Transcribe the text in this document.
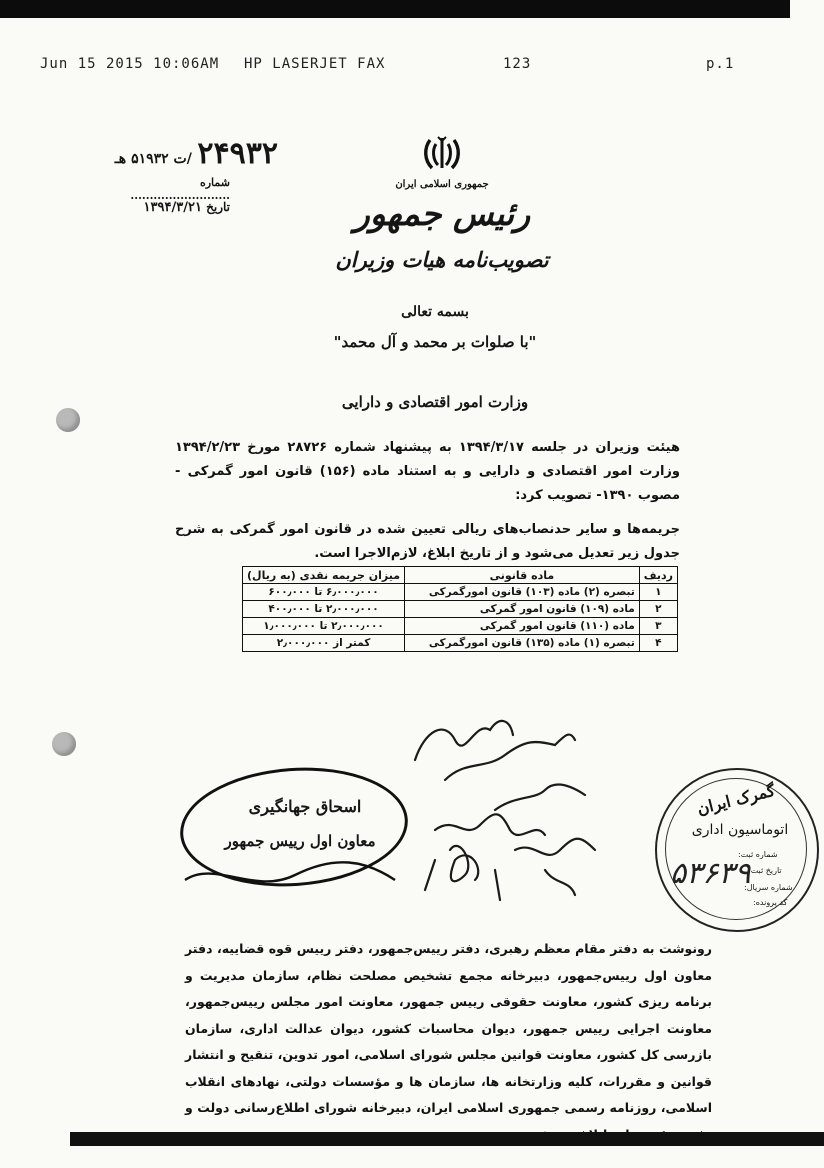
Jun 15 2015 10:06AM HP LASERJET FAX	123	p.1
۲۴۹۳۲ /ت ۵۱۹۳۲ هـ
شماره ..........................
تاریخ ۱۳۹۴/۳/۲۱
جمهوری اسلامی ایران
رئیس جمهور
تصویب‌نامه هیات وزیران
بسمه تعالی
"با صلوات بر محمد و آل محمد"
وزارت امور اقتصادی و دارایی
هیئت وزیران در جلسه ۱۳۹۴/۳/۱۷ به پیشنهاد شماره ۲۸۷۲۶ مورخ ۱۳۹۴/۲/۲۳ وزارت امور اقتصادی و دارایی و به استناد ماده (۱۵۶) قانون امور گمرکی - مصوب ۱۳۹۰- تصویب کرد:
جریمه‌ها و سایر حدنصاب‌های ریالی تعیین شده در قانون امور گمرکی به شرح جدول زیر تعدیل می‌شود و از تاریخ ابلاغ، لازم‌الاجرا است.
ردیف	ماده قانونی	میزان جریمه نقدی (به ریال)
۱	تبصره (۲) ماده (۱۰۳) قانون امورگمرکی	۶٫۰۰۰٫۰۰۰ تا ۶۰۰٫۰۰۰
۲	ماده (۱۰۹) قانون امور گمرکی	۲٫۰۰۰٫۰۰۰ تا ۴۰۰٫۰۰۰
۳	ماده (۱۱۰) قانون امور گمرکی	۲٫۰۰۰٫۰۰۰ تا ۱٫۰۰۰٫۰۰۰
۴	تبصره (۱) ماده (۱۳۵) قانون امورگمرکی	کمتر از ۲٫۰۰۰٫۰۰۰
اسحاق جهانگیری
معاون اول رییس جمهور
گمرک ایران
اتوماسیون اداری
شماره ثبت:
تاریخ ثبت:
شماره سریال:
کد پرونده:
۵۳۶۳۹
رونوشت به دفتر مقام معظم رهبری، دفتر رییس‌جمهور، دفتر رییس قوه قضاییه، دفتر معاون اول رییس‌جمهور، دبیرخانه مجمع تشخیص مصلحت نظام، سازمان مدیریت و برنامه ریزی کشور، معاونت حقوقی رییس جمهور، معاونت امور مجلس رییس‌جمهور، معاونت اجرایی رییس جمهور، دیوان محاسبات کشور، دیوان عدالت اداری، سازمان بازرسی کل کشور، معاونت قوانین مجلس شورای اسلامی، امور تدوین، تنقیح و انتشار قوانین و مقررات، کلیه وزارتخانه ها، سازمان ها و مؤسسات دولتی، نهادهای انقلاب اسلامی، روزنامه رسمی جمهوری اسلامی ایران، دبیرخانه شورای اطلاع‌رسانی دولت و
